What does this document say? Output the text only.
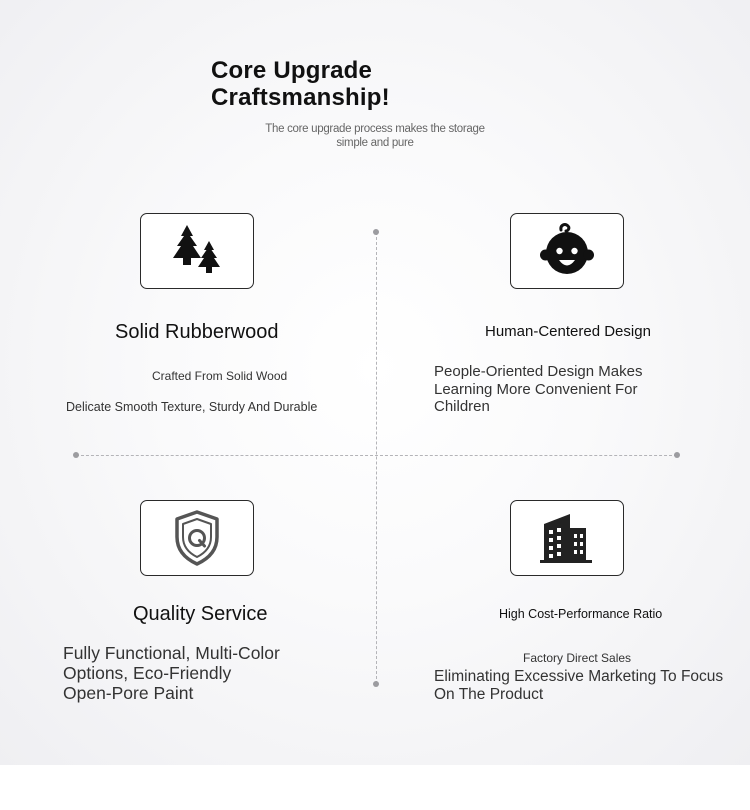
Core Upgrade
Craftsmanship!
The core upgrade process makes the storage
simple and pure
Solid Rubberwood
Crafted From Solid Wood
Delicate Smooth Texture, Sturdy And Durable
Human-Centered Design
People-Oriented Design Makes
Learning More Convenient For
Children
Quality Service
Fully Functional, Multi-Color
Options, Eco-Friendly
Open-Pore Paint
High Cost-Performance Ratio
Factory Direct Sales
Eliminating Excessive Marketing To Focus
On The Product
